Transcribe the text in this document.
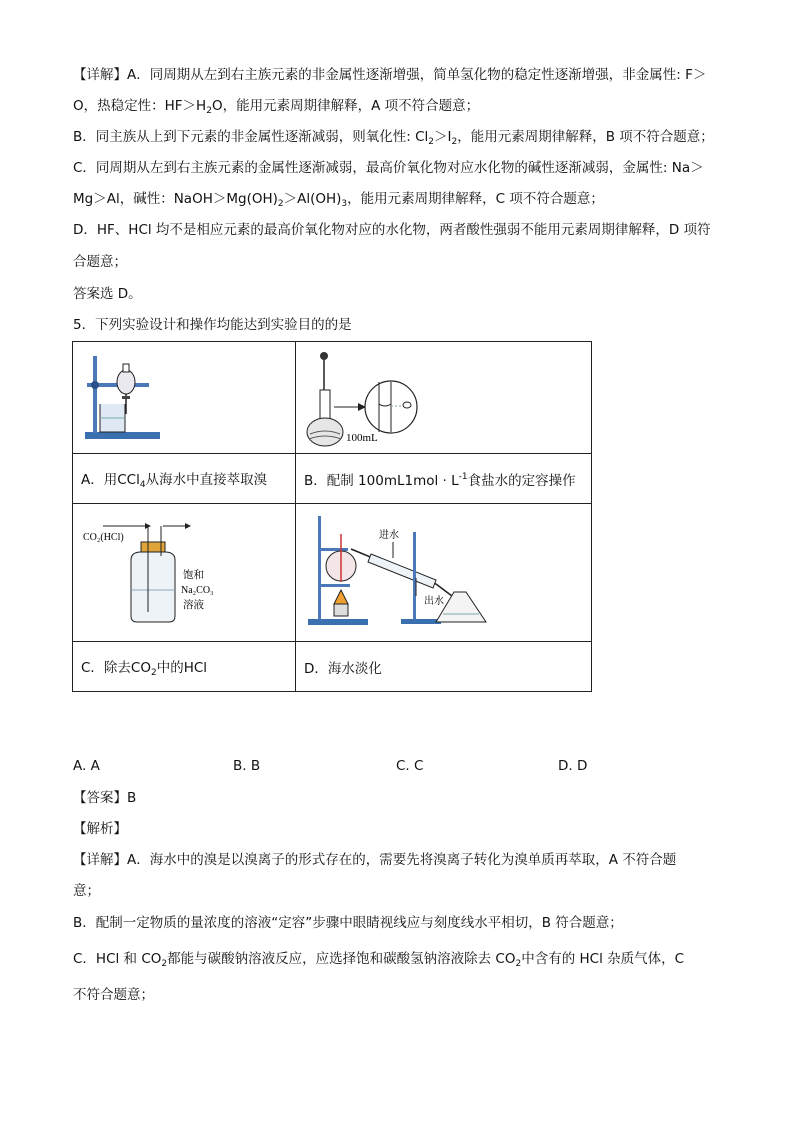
【详解】A．同周期从左到右主族元素的非金属性逐渐增强，简单氢化物的稳定性逐渐增强，非金属性: F＞
O，热稳定性：$HF>H_2O$，能用元素周期律解释，A 项不符合题意；
B．同主族从上到下元素的非金属性逐渐减弱，则氧化性: $Cl_2>I_2$，能用元素周期律解释，B 项不符合题意；
C．同周期从左到右主族元素的金属性逐渐减弱，最高价氧化物对应水化物的碱性逐渐减弱，金属性: Na＞
Mg＞Al，碱性：$NaOH>Mg(OH)_2>Al(OH)_3$，能用元素周期律解释，C 项不符合题意；
D．HF、HCl 均不是相应元素的最高价氧化物对应的水化物，两者酸性强弱不能用元素周期律解释，D 项符
合题意；
答案选 D。
5．下列实验设计和操作均能达到实验目的的是

100mL

A．用CCl$_4$从海水中直接萃取溴	B．配制 $100mL1mol \cdot L^{-1}$食盐水的定容操作

CO₂(HCl)
饱和
Na₂CO₃
溶液	进水
出水

C．除去$CO_2$中的HCl	D．海水淡化
A. A	B. B	C. C	D. D
【答案】B
【解析】
【详解】A．海水中的溴是以溴离子的形式存在的，需要先将溴离子转化为溴单质再萃取，A 不符合题
意；
B．配制一定物质的量浓度的溶液“定容”步骤中眼睛视线应与刻度线水平相切，B 符合题意；
C．HCl 和 $CO_2$都能与碳酸钠溶液反应，应选择饱和碳酸氢钠溶液除去 $CO_2$中含有的 HCl 杂质气体，C
不符合题意；
